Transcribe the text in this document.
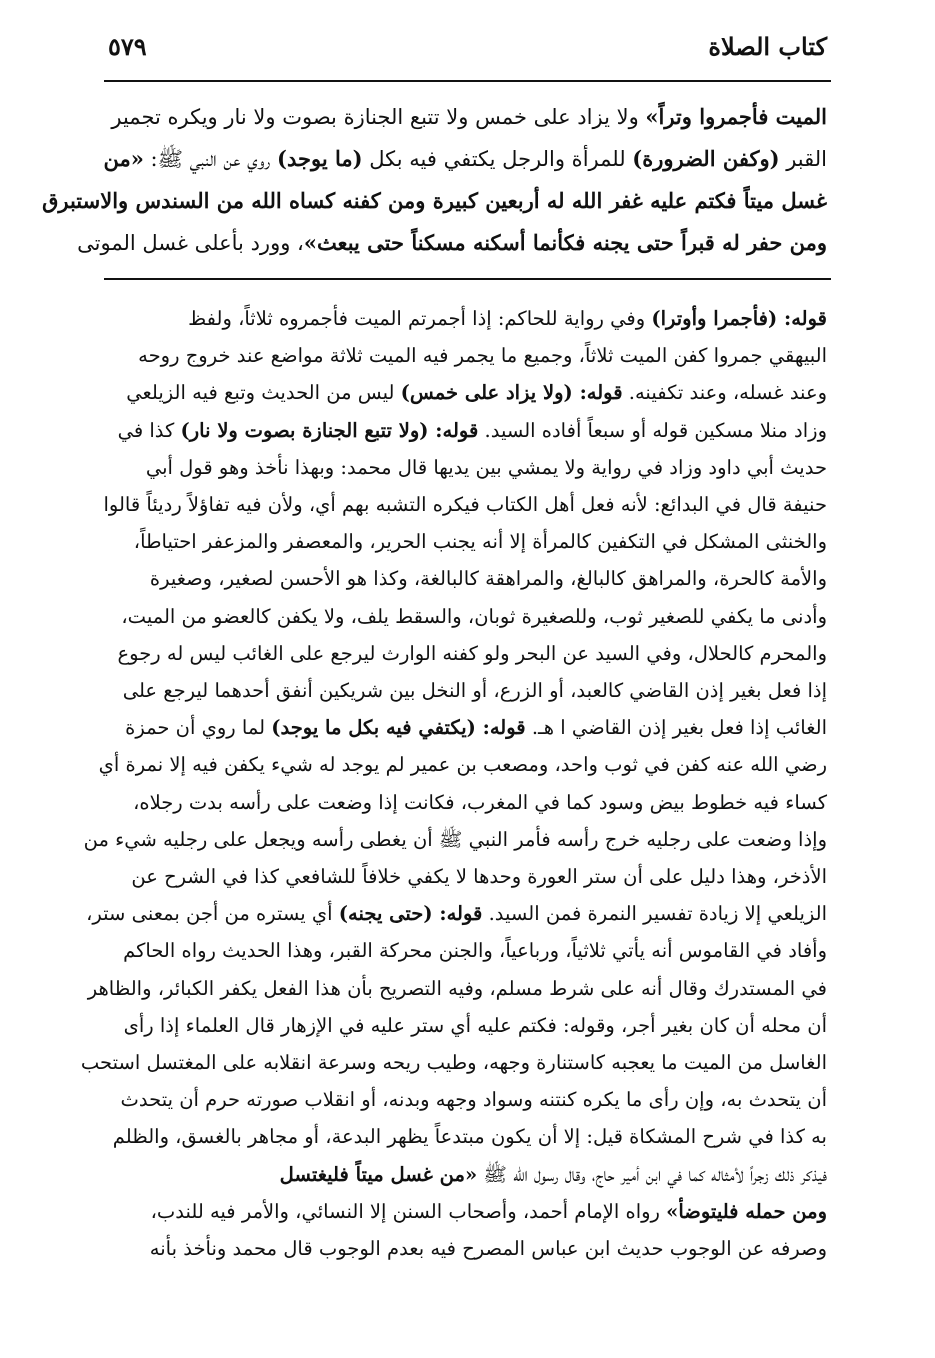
كتاب الصلاة
٥٧٩
الميت فأجمروا وتراً» ولا يزاد على خمس ولا تتبع الجنازة بصوت ولا نار ويكره تجمير
القبر (وكفن الضرورة) للمرأة والرجل يكتفي فيه بكل (ما يوجد) روي عن النبي ﷺ: «من
غسل ميتاً فكتم عليه غفر الله له أربعين كبيرة ومن كفنه كساه الله من السندس والاستبرق
ومن حفر له قبراً حتى يجنه فكأنما أسكنه مسكناً حتى يبعث»، وورد بأعلى غسل الموتى
قوله: (فأجمرا وأوترا) وفي رواية للحاكم: إذا أجمرتم الميت فأجمروه ثلاثاً، ولفظ
البيهقي جمروا كفن الميت ثلاثاً، وجميع ما يجمر فيه الميت ثلاثة مواضع عند خروج روحه
وعند غسله، وعند تكفينه. قوله: (ولا يزاد على خمس) ليس من الحديث وتبع فيه الزيلعي
وزاد منلا مسكين قوله أو سبعاً أفاده السيد. قوله: (ولا تتبع الجنازة بصوت ولا نار) كذا في
حديث أبي داود وزاد في رواية ولا يمشي بين يديها قال محمد: وبهذا نأخذ وهو قول أبي
حنيفة قال في البدائع: لأنه فعل أهل الكتاب فيكره التشبه بهم أي، ولأن فيه تفاؤلاً رديئاً قالوا
والخنثى المشكل في التكفين كالمرأة إلا أنه يجنب الحرير، والمعصفر والمزعفر احتياطاً،
والأمة كالحرة، والمراهق كالبالغ، والمراهقة كالبالغة، وكذا هو الأحسن لصغير، وصغيرة
وأدنى ما يكفي للصغير ثوب، وللصغيرة ثوبان، والسقط يلف، ولا يكفن كالعضو من الميت،
والمحرم كالحلال، وفي السيد عن البحر ولو كفنه الوارث ليرجع على الغائب ليس له رجوع
إذا فعل بغير إذن القاضي كالعبد، أو الزرع، أو النخل بين شريكين أنفق أحدهما ليرجع على
الغائب إذا فعل بغير إذن القاضي ا هـ. قوله: (يكتفي فيه بكل ما يوجد) لما روي أن حمزة
رضي الله عنه كفن في ثوب واحد، ومصعب بن عمير لم يوجد له شيء يكفن فيه إلا نمرة أي
كساء فيه خطوط بيض وسود كما في المغرب، فكانت إذا وضعت على رأسه بدت رجلاه،
وإذا وضعت على رجليه خرج رأسه فأمر النبي ﷺ أن يغطى رأسه ويجعل على رجليه شيء من
الأذخر، وهذا دليل على أن ستر العورة وحدها لا يكفي خلافاً للشافعي كذا في الشرح عن
الزيلعي إلا زيادة تفسير النمرة فمن السيد. قوله: (حتى يجنه) أي يستره من أجن بمعنى ستر،
وأفاد في القاموس أنه يأتي ثلاثياً، ورباعياً، والجنن محركة القبر، وهذا الحديث رواه الحاكم
في المستدرك وقال أنه على شرط مسلم، وفيه التصريح بأن هذا الفعل يكفر الكبائر، والظاهر
أن محله أن كان بغير أجر، وقوله: فكتم عليه أي ستر عليه في الإزهار قال العلماء إذا رأى
الغاسل من الميت ما يعجبه كاستنارة وجهه، وطيب ريحه وسرعة انقلابه على المغتسل استحب
أن يتحدث به، وإن رأى ما يكره كنتنه وسواد وجهه وبدنه، أو انقلاب صورته حرم أن يتحدث
به كذا في شرح المشكاة قيل: إلا أن يكون مبتدعاً يظهر البدعة، أو مجاهر بالغسق، والظلم
فيذكر ذلك زجراً لأمثاله كما في ابن أمير حاج، وقال رسول الله ﷺ «من غسل ميتاً فليغتسل
ومن حمله فليتوضأ» رواه الإمام أحمد، وأصحاب السنن إلا النسائي، والأمر فيه للندب،
وصرفه عن الوجوب حديث ابن عباس المصرح فيه بعدم الوجوب قال محمد ونأخذ بأنه
